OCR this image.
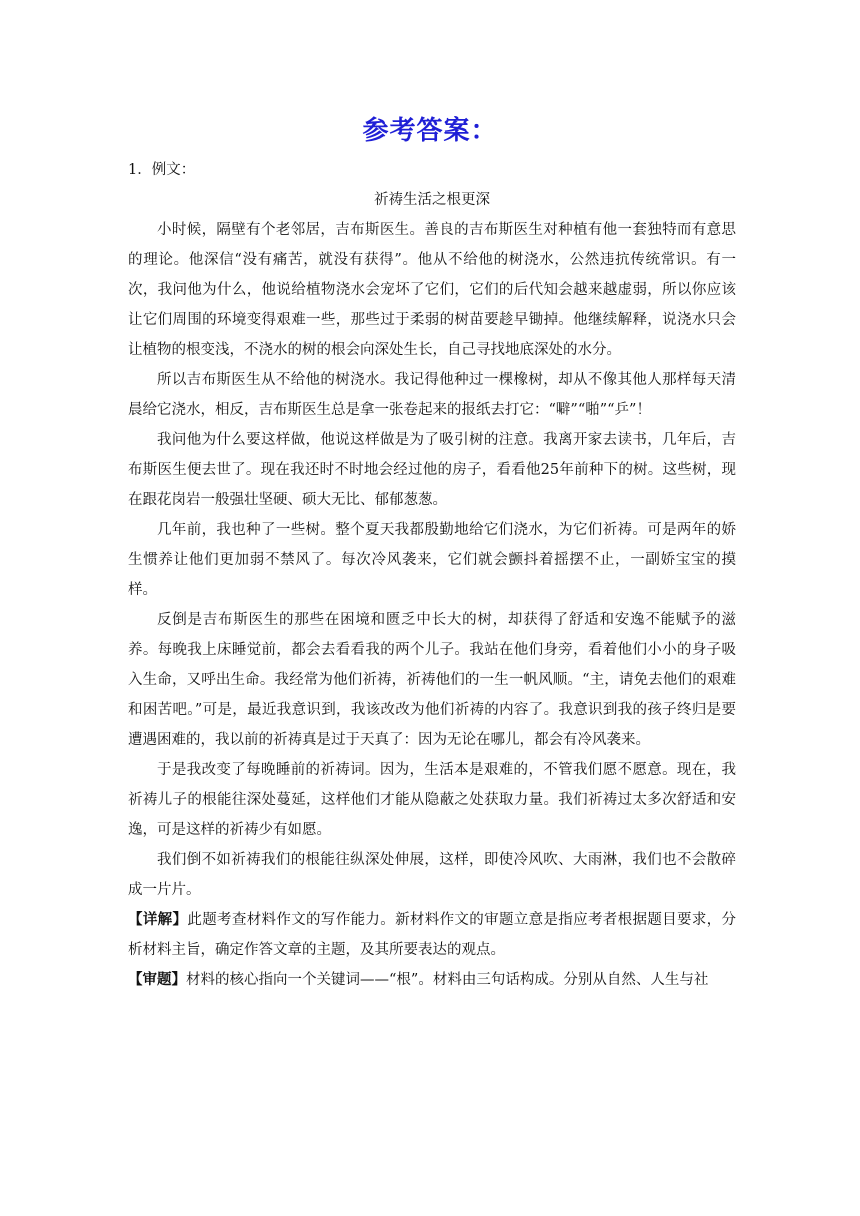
参考答案：

1．例文：

祈祷生活之根更深

小时候，隔壁有个老邻居，吉布斯医生。善良的吉布斯医生对种植有他一套独特而有意思的理论。他深信“没有痛苦，就没有获得”。他从不给他的树浇水，公然违抗传统常识。有一次，我问他为什么，他说给植物浇水会宠坏了它们，它们的后代知会越来越虚弱，所以你应该让它们周围的环境变得艰难一些，那些过于柔弱的树苗要趁早锄掉。他继续解释，说浇水只会让植物的根变浅，不浇水的树的根会向深处生长，自己寻找地底深处的水分。

所以吉布斯医生从不给他的树浇水。我记得他种过一棵橡树，却从不像其他人那样每天清晨给它浇水，相反，吉布斯医生总是拿一张卷起来的报纸去打它：“噼”“啪”“乒”！

我问他为什么要这样做，他说这样做是为了吸引树的注意。我离开家去读书，几年后，吉布斯医生便去世了。现在我还时不时地会经过他的房子，看看他25年前种下的树。这些树，现在跟花岗岩一般强壮坚硬、硕大无比、郁郁葱葱。

几年前，我也种了一些树。整个夏天我都殷勤地给它们浇水，为它们祈祷。可是两年的娇生惯养让他们更加弱不禁风了。每次冷风袭来，它们就会颤抖着摇摆不止，一副娇宝宝的摸样。

反倒是吉布斯医生的那些在困境和匮乏中长大的树，却获得了舒适和安逸不能赋予的滋养。每晚我上床睡觉前，都会去看看我的两个儿子。我站在他们身旁，看着他们小小的身子吸入生命，又呼出生命。我经常为他们祈祷，祈祷他们的一生一帆风顺。“主，请免去他们的艰难和困苦吧。”可是，最近我意识到，我该改改为他们祈祷的内容了。我意识到我的孩子终归是要遭遇困难的，我以前的祈祷真是过于天真了：因为无论在哪儿，都会有冷风袭来。

于是我改变了每晚睡前的祈祷词。因为，生活本是艰难的，不管我们愿不愿意。现在，我祈祷儿子的根能往深处蔓延，这样他们才能从隐蔽之处获取力量。我们祈祷过太多次舒适和安逸，可是这样的祈祷少有如愿。

我们倒不如祈祷我们的根能往纵深处伸展，这样，即使冷风吹、大雨淋，我们也不会散碎成一片片。

【详解】此题考查材料作文的写作能力。新材料作文的审题立意是指应考者根据题目要求，分析材料主旨，确定作答文章的主题，及其所要表达的观点。

【审题】材料的核心指向一个关键词——“根”。材料由三句话构成。分别从自然、人生与社
